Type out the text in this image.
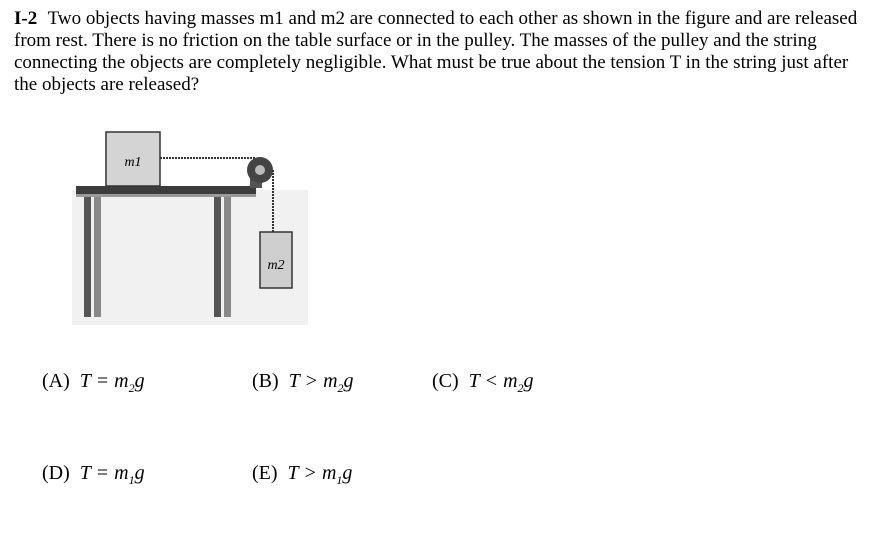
I-2 Two objects having masses m1 and m2 are connected to each other as shown in the figure and are released from rest. There is no friction on the table surface or in the pulley. The masses of the pulley and the string connecting the objects are completely negligible. What must be true about the tension T in the string just after the objects are released?
m1
m2
(A) $T = m_2g$	(B) $T > m_2g$	(C) $T < m_2g$
(D) $T = m_1g$	(E) $T > m_1g$
